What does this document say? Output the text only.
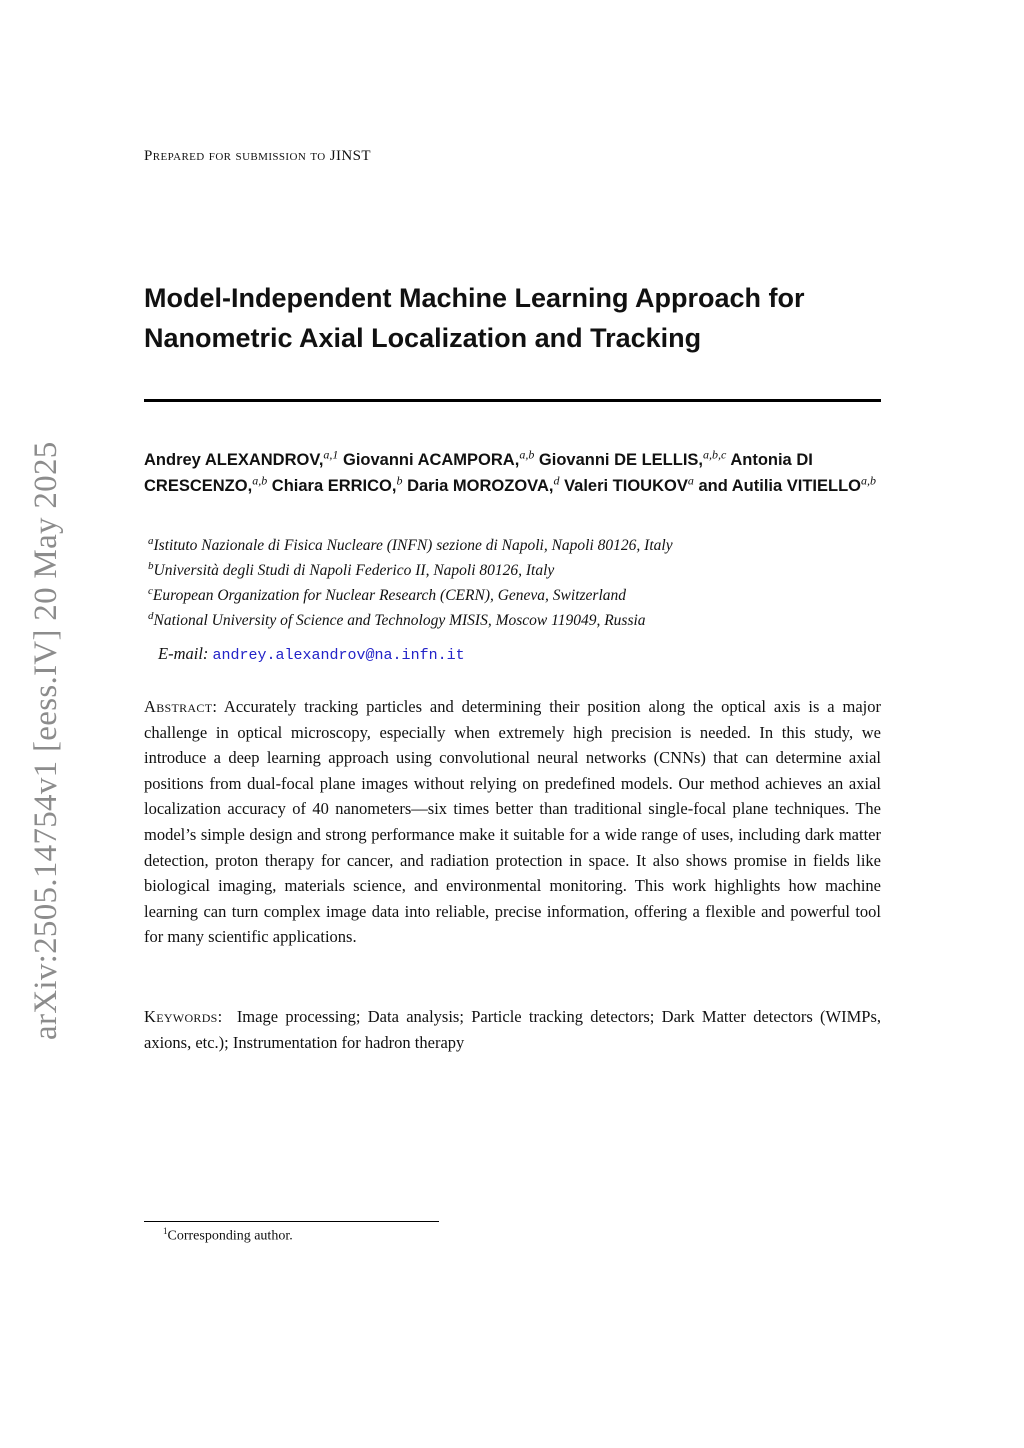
arXiv:2505.14754v1 [eess.IV] 20 May 2025
Prepared for submission to JINST
Model-Independent Machine Learning Approach for
Nanometric Axial Localization and Tracking
Andrey ALEXANDROV,$^{a,1}$ Giovanni ACAMPORA,$^{a,b}$ Giovanni DE LELLIS,$^{a,b,c}$ Antonia DI CRESCENZO,$^{a,b}$ Chiara ERRICO,$^b$ Daria MOROZOVA,$^d$ Valeri TIOUKOV$^a$ and Autilia VITIELLO$^{a,b}$
$^a$Istituto Nazionale di Fisica Nucleare (INFN) sezione di Napoli, Napoli 80126, Italy
$^b$Università degli Studi di Napoli Federico II, Napoli 80126, Italy
$^c$European Organization for Nuclear Research (CERN), Geneva, Switzerland
$^d$National University of Science and Technology MISIS, Moscow 119049, Russia
E-mail: andrey.alexandrov@na.infn.it
Abstract: Accurately tracking particles and determining their position along the optical axis is a major challenge in optical microscopy, especially when extremely high precision is needed. In this study, we introduce a deep learning approach using convolutional neural networks (CNNs) that can determine axial positions from dual-focal plane images without relying on predefined models. Our method achieves an axial localization accuracy of 40 nanometers—six times better than traditional single-focal plane techniques. The model’s simple design and strong performance make it suitable for a wide range of uses, including dark matter detection, proton therapy for cancer, and radiation protection in space. It also shows promise in fields like biological imaging, materials science, and environmental monitoring. This work highlights how machine learning can turn complex image data into reliable, precise information, offering a flexible and powerful tool for many scientific applications.
Keywords:  Image processing; Data analysis; Particle tracking detectors; Dark Matter detectors (WIMPs, axions, etc.); Instrumentation for hadron therapy
$^1$Corresponding author.
